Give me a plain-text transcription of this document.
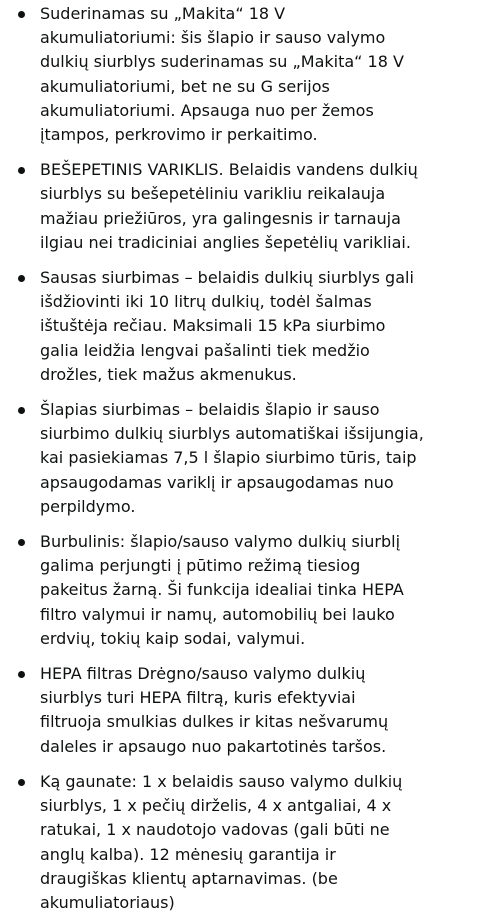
Suderinamas su „Makita“ 18 V
akumuliatoriumi: šis šlapio ir sauso valymo
dulkių siurblys suderinamas su „Makita“ 18 V
akumuliatoriumi, bet ne su G serijos
akumuliatoriumi. Apsauga nuo per žemos
įtampos, perkrovimo ir perkaitimo.
BEŠEPETINIS VARIKLIS. Belaidis vandens dulkių
siurblys su bešepetėliniu varikliu reikalauja
mažiau priežiūros, yra galingesnis ir tarnauja
ilgiau nei tradiciniai anglies šepetėlių varikliai.
Sausas siurbimas – belaidis dulkių siurblys gali
išdžiovinti iki 10 litrų dulkių, todėl šalmas
ištuštėja rečiau. Maksimali 15 kPa siurbimo
galia leidžia lengvai pašalinti tiek medžio
drožles, tiek mažus akmenukus.
Šlapias siurbimas – belaidis šlapio ir sauso
siurbimo dulkių siurblys automatiškai išsijungia,
kai pasiekiamas 7,5 l šlapio siurbimo tūris, taip
apsaugodamas variklį ir apsaugodamas nuo
perpildymo.
Burbulinis: šlapio/sauso valymo dulkių siurblį
galima perjungti į pūtimo režimą tiesiog
pakeitus žarną. Ši funkcija idealiai tinka HEPA
filtro valymui ir namų, automobilių bei lauko
erdvių, tokių kaip sodai, valymui.
HEPA filtras Drėgno/sauso valymo dulkių
siurblys turi HEPA filtrą, kuris efektyviai
filtruoja smulkias dulkes ir kitas nešvarumų
daleles ir apsaugo nuo pakartotinės taršos.
Ką gaunate: 1 x belaidis sauso valymo dulkių
siurblys, 1 x pečių dirželis, 4 x antgaliai, 4 x
ratukai, 1 x naudotojo vadovas (gali būti ne
anglų kalba). 12 mėnesių garantija ir
draugiškas klientų aptarnavimas. (be
akumuliatoriaus)
